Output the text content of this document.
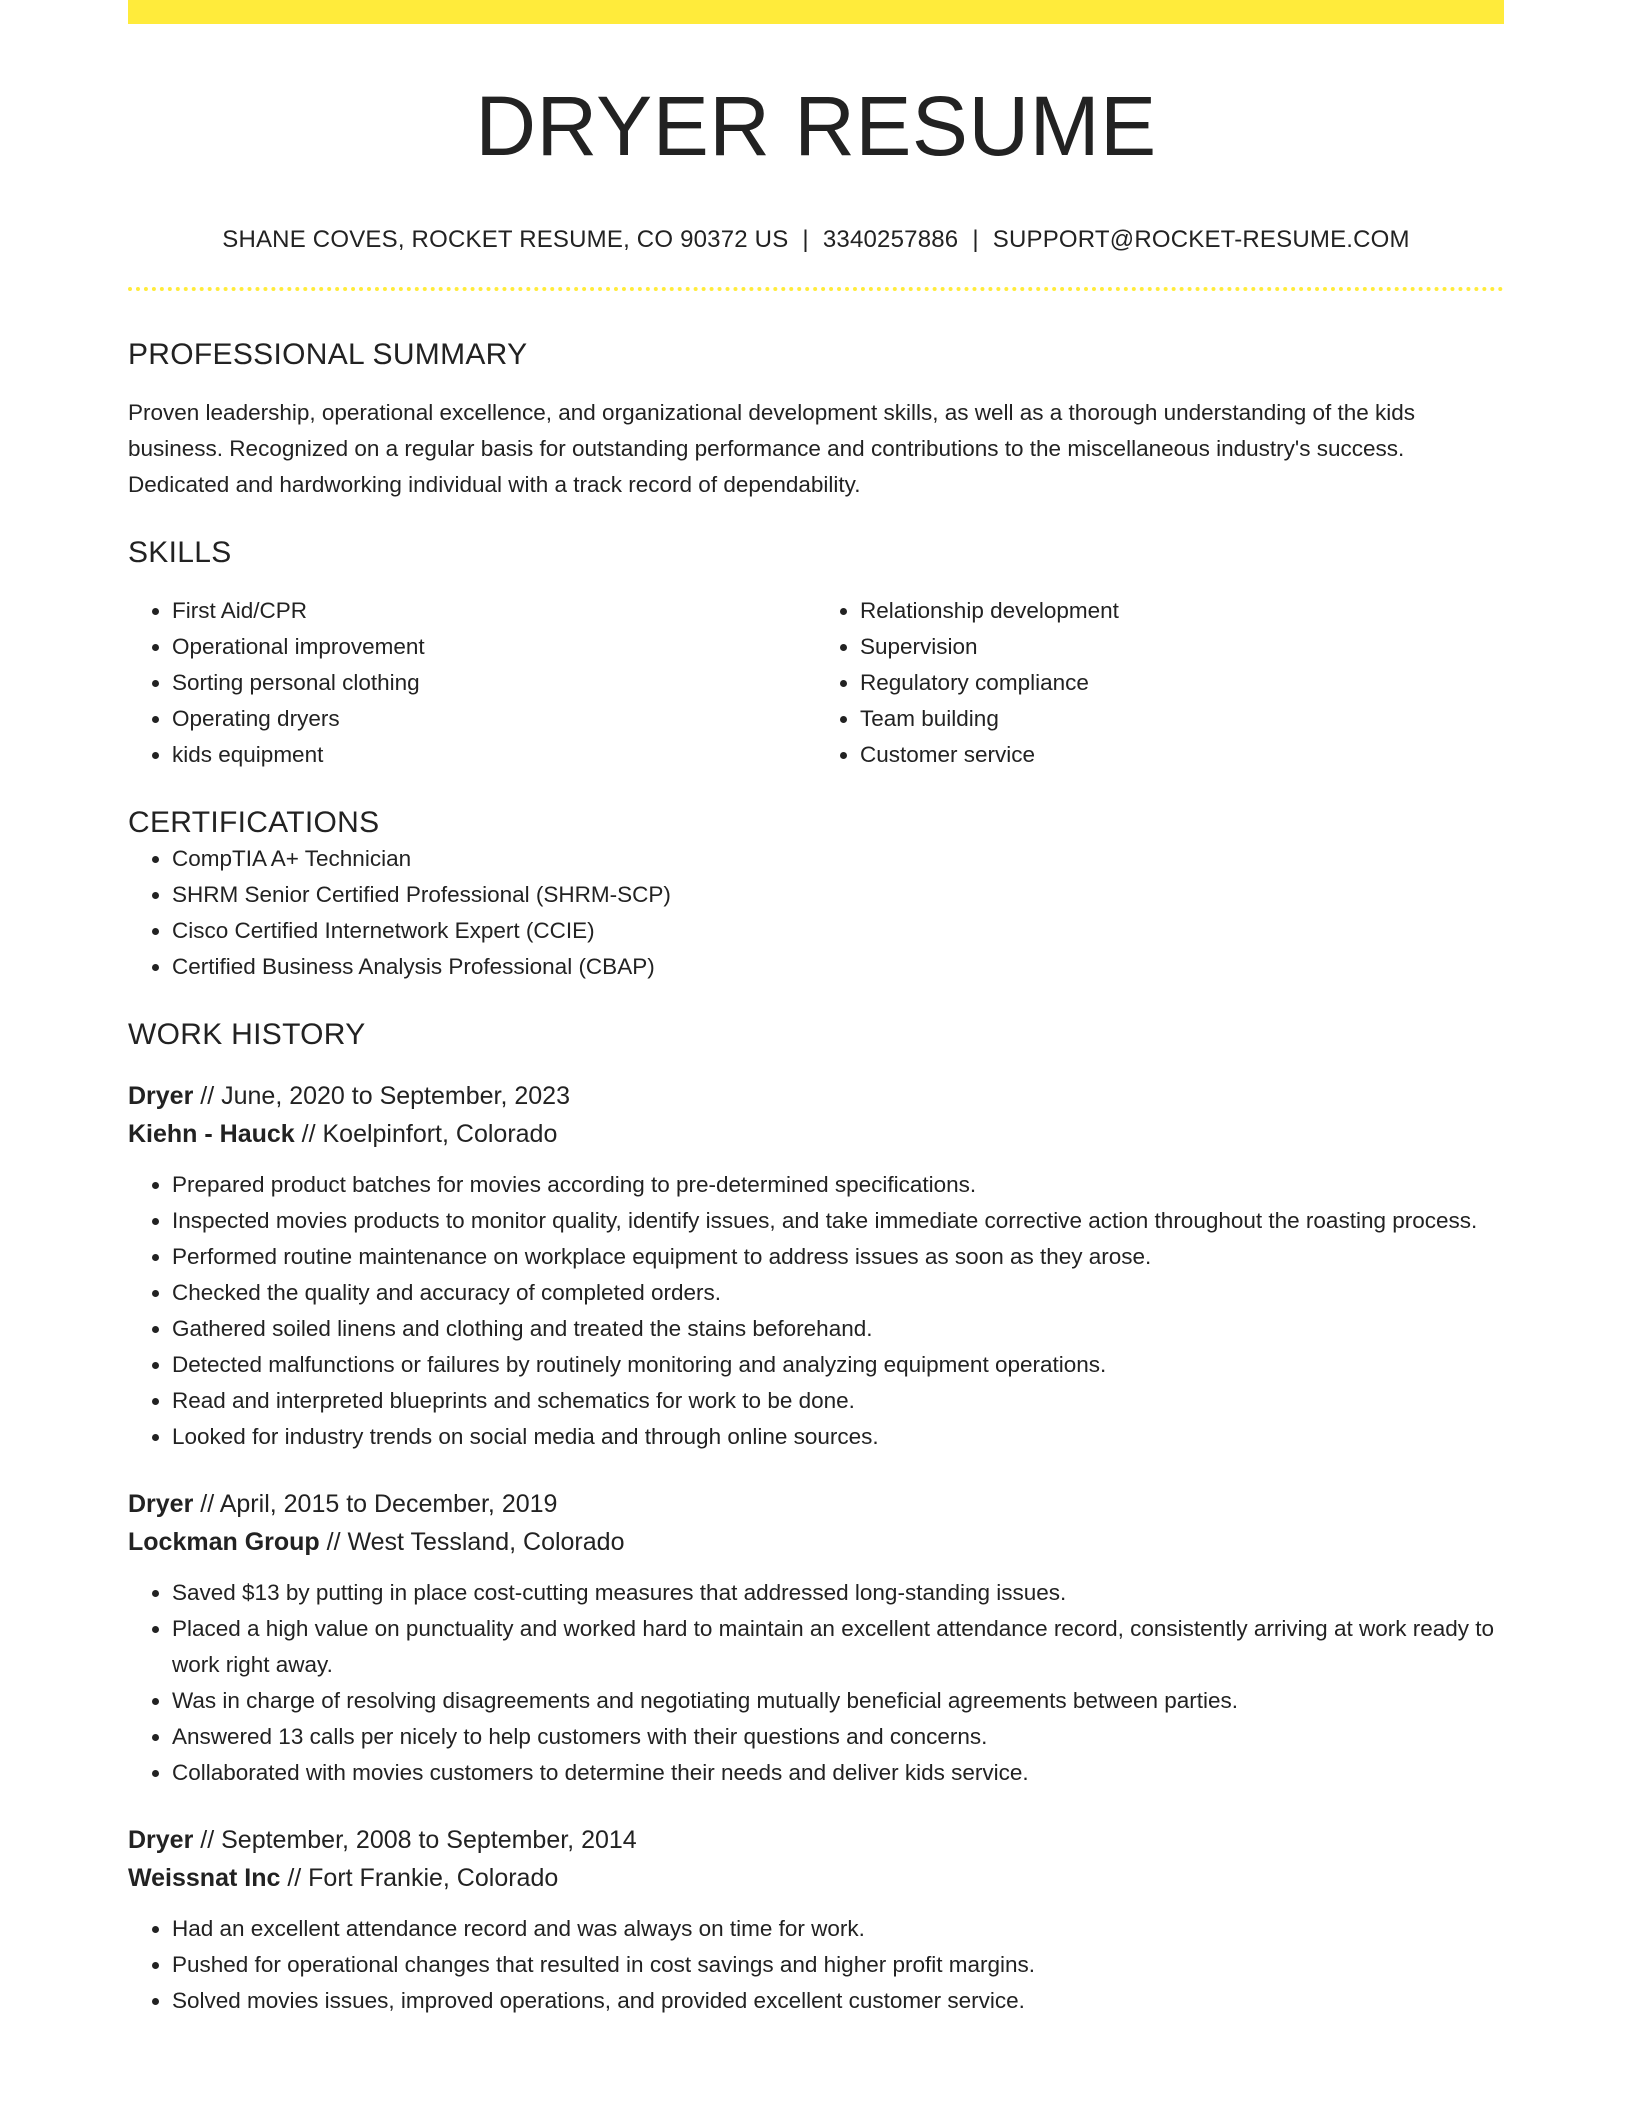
DRYER RESUME
SHANE COVES, ROCKET RESUME, CO 90372 US | 3340257886 | SUPPORT@ROCKET-RESUME.COM
PROFESSIONAL SUMMARY

Proven leadership, operational excellence, and organizational development skills, as well as a thorough understanding of the kids business. Recognized on a regular basis for outstanding performance and contributions to the miscellaneous industry's success. Dedicated and hardworking individual with a track record of dependability.

SKILLS
• First Aid/CPR
• Operational improvement
• Sorting personal clothing
• Operating dryers
• kids equipment
• Relationship development
• Supervision
• Regulatory compliance
• Team building
• Customer service
CERTIFICATIONS
• CompTIA A+ Technician
• SHRM Senior Certified Professional (SHRM-SCP)
• Cisco Certified Internetwork Expert (CCIE)
• Certified Business Analysis Professional (CBAP)
WORK HISTORY
Dryer // June, 2020 to September, 2023
Kiehn - Hauck // Koelpinfort, Colorado
• Prepared product batches for movies according to pre-determined specifications.
• Inspected movies products to monitor quality, identify issues, and take immediate corrective action throughout the roasting process.
• Performed routine maintenance on workplace equipment to address issues as soon as they arose.
• Checked the quality and accuracy of completed orders.
• Gathered soiled linens and clothing and treated the stains beforehand.
• Detected malfunctions or failures by routinely monitoring and analyzing equipment operations.
• Read and interpreted blueprints and schematics for work to be done.
• Looked for industry trends on social media and through online sources.
Dryer // April, 2015 to December, 2019
Lockman Group // West Tessland, Colorado
• Saved $13 by putting in place cost-cutting measures that addressed long-standing issues.
• Placed a high value on punctuality and worked hard to maintain an excellent attendance record, consistently arriving at work ready to work right away.
• Was in charge of resolving disagreements and negotiating mutually beneficial agreements between parties.
• Answered 13 calls per nicely to help customers with their questions and concerns.
• Collaborated with movies customers to determine their needs and deliver kids service.
Dryer // September, 2008 to September, 2014
Weissnat Inc // Fort Frankie, Colorado
• Had an excellent attendance record and was always on time for work.
• Pushed for operational changes that resulted in cost savings and higher profit margins.
• Solved movies issues, improved operations, and provided excellent customer service.
